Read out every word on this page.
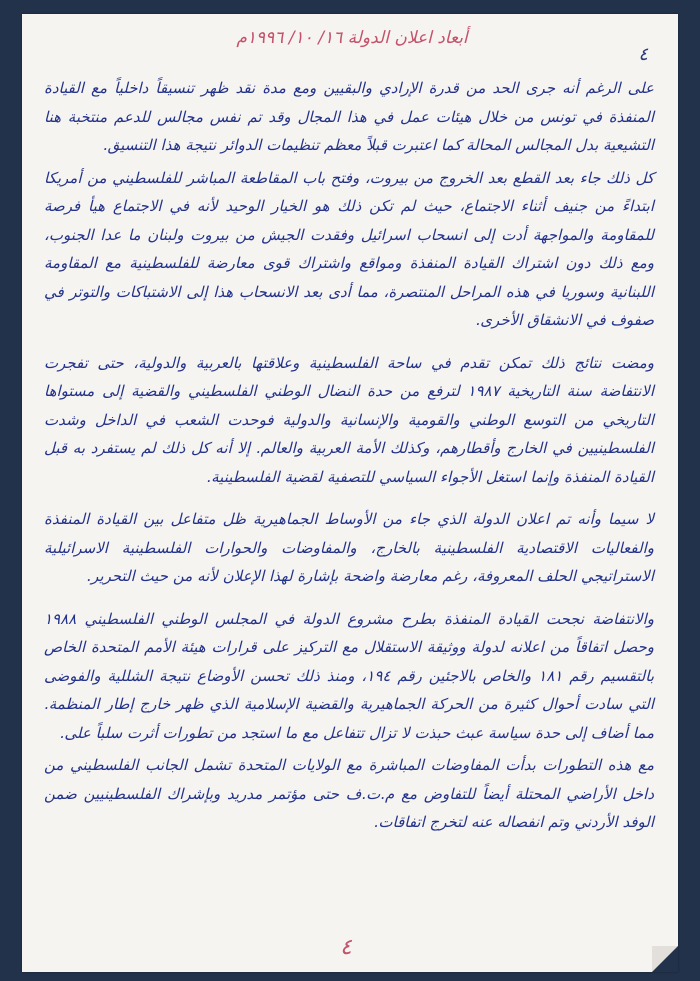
أبعاد اعلان الدولة ١٦/ ١٠/ ١٩٩٦م
٤

على الرغم أنه جرى الحد من قدرة الإرادي والبقيين ومع مدة نقد ظهر تنسيقاً داخلياً مع القيادة المنفذة في تونس من خلال هيئات عمل في هذا المجال وقد تم نفس مجالس للدعم منتخبة هنا التشيعية بدل المجالس المحالة كما اعتبرت قبلاً معظم تنظيمات الدوائر نتيجة هذا التنسيق.

كل ذلك جاء بعد القطع بعد الخروج من بيروت، وفتح باب المقاطعة المباشر للفلسطيني من أمريكا ابتداءً من جنيف أثناء الاجتماع، حيث لم تكن ذلك هو الخيار الوحيد لأنه في الاجتماع هيأ فرصة للمقاومة والمواجهة أدت إلى انسحاب اسرائيل وفقدت الجيش من بيروت ولبنان ما عدا الجنوب، ومع ذلك دون اشتراك القيادة المنفذة ومواقع واشتراك قوى معارضة للفلسطينية مع المقاومة اللبنانية وسوريا في هذه المراحل المنتصرة، مما أدى بعد الانسحاب هذا إلى الاشتباكات والتوتر في صفوف في الانشقاق الأخرى.

ومضت نتائج ذلك تمكن تقدم في ساحة الفلسطينية وعلاقتها بالعربية والدولية، حتى تفجرت الانتفاضة سنة التاريخية ١٩٨٧ لترفع من حدة النضال الوطني الفلسطيني والقضية إلى مستواها التاريخي من التوسع الوطني والقومية والإنسانية والدولية فوحدت الشعب في الداخل وشدت الفلسطينيين في الخارج وأقطارهم، وكذلك الأمة العربية والعالم. إلا أنه كل ذلك لم يستفرد به قبل القيادة المنفذة وإنما استغل الأجواء السياسي للتصفية لقضية الفلسطينية.

لا سيما وأنه تم اعلان الدولة الذي جاء من الأوساط الجماهيرية ظل متفاعل بين القيادة المنفذة والفعاليات الاقتصادية الفلسطينية بالخارج، والمفاوضات والحوارات الفلسطينية الاسرائيلية الاستراتيجي الحلف المعروفة، رغم معارضة واضحة بإشارة لهذا الإعلان لأنه من حيث التحرير.

والانتفاضة نجحت القيادة المنفذة بطرح مشروع الدولة في المجلس الوطني الفلسطيني ١٩٨٨ وحصل اتفاقاً من اعلانه لدولة ووثيقة الاستقلال مع التركيز على قرارات هيئة الأمم المتحدة الخاص بالتقسيم رقم ١٨١ والخاص بالاجئين رقم ١٩٤، ومنذ ذلك تحسن الأوضاع نتيجة الشللية والفوضى التي سادت أحوال كثيرة من الحركة الجماهيرية والقضية الإسلامية الذي ظهر خارج إطار المنظمة. مما أضاف إلى حدة سياسة عبث حبذت لا تزال تتفاعل مع ما استجد من تطورات أثرت سلباً على.

مع هذه التطورات بدأت المفاوضات المباشرة مع الولايات المتحدة تشمل الجانب الفلسطيني من داخل الأراضي المحتلة أيضاً للتفاوض مع م.ت.ف حتى مؤتمر مدريد وبإشراك الفلسطينيين ضمن الوفد الأردني وتم انفصاله عنه لتخرج اتفاقات.

٤
